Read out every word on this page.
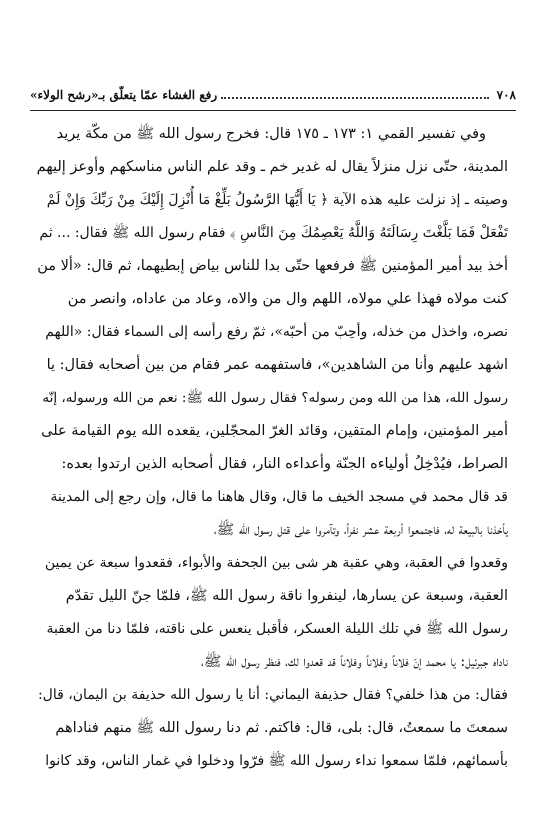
٧٠٨
رفع الغشاء عمّا يتعلّق بـ«رشح الولاء»
وفي تفسير القمي ١: ١٧٣ ـ ١٧٥ قال: فخرج رسول الله ﷺ من مكّة يريد
المدينة، حتّى نزل منزلاً يقال له غدير خم ـ وقد علم الناس مناسكهم وأوعز إليهم
وصيته ـ إذ نزلت عليه هذه الآية ﴿ يَا أَيُّهَا الرَّسُولُ بَلِّغْ مَا أُنْزِلَ إِلَيْكَ مِنْ رَبِّكَ وَإِنْ لَمْ
تَفْعَلْ فَمَا بَلَّغْتَ رِسَالَتَهُ وَاللَّهُ يَعْصِمُكَ مِنَ النَّاسِ ﴾ فقام رسول الله ﷺ فقال: ... ثم
أخذ بيد أمير المؤمنين ﷺ فرفعها حتّى بدا للناس بياض إبطيهما، ثم قال: «ألا من
كنت مولاه فهذا علي مولاه، اللهم وال من والاه، وعاد من عاداه، وانصر من
نصره، واخذل من خذله، وأحِبّ من أحبّه»، ثمّ رفع رأسه إلى السماء فقال: «اللهم
اشهد عليهم وأنا من الشاهدين»، فاستفهمه عمر فقام من بين أصحابه فقال: يا
رسول الله، هذا من الله ومن رسوله؟ فقال رسول الله ﷺ: نعم من الله ورسوله، إنّه
أمير المؤمنين، وإمام المتقين، وقائد الغرّ المحجّلين، يقعده الله يوم القيامة على
الصراط، فيُدْخِلُ أولياءه الجنّة وأعداءه النار، فقال أصحابه الذين ارتدوا بعده:
قد قال محمد في مسجد الخيف ما قال، وقال هاهنا ما قال، وإن رجع إلى المدينة
يأخذنا بالبيعة له، فاجتمعوا أربعة عشر نفراً، وتآمروا على قتل رسول الله ﷺ،
وقعدوا في العقبة، وهي عقبة هر شى بين الجحفة والأبواء، فقعدوا سبعة عن يمين
العقبة، وسبعة عن يسارها، لينفروا ناقة رسول الله ﷺ، فلمّا جنّ الليل تقدّم
رسول الله ﷺ في تلك الليلة العسكر، فأقبل ينعس على ناقته، فلمّا دنا من العقبة
ناداه جبرئيل: يا محمد إنّ فلاناً وفلاناً وفلاناً قد قعدوا لك، فنظر رسول الله ﷺ،
فقال: من هذا خلفي؟ فقال حذيفة اليماني: أنا يا رسول الله حذيفة بن اليمان، قال:
سمعتَ ما سمعتُ، قال: بلى، قال: فاكتم. ثم دنا رسول الله ﷺ منهم فناداهم
بأسمائهم، فلمّا سمعوا نداء رسول الله ﷺ فرّوا ودخلوا في غمار الناس، وقد كانوا
